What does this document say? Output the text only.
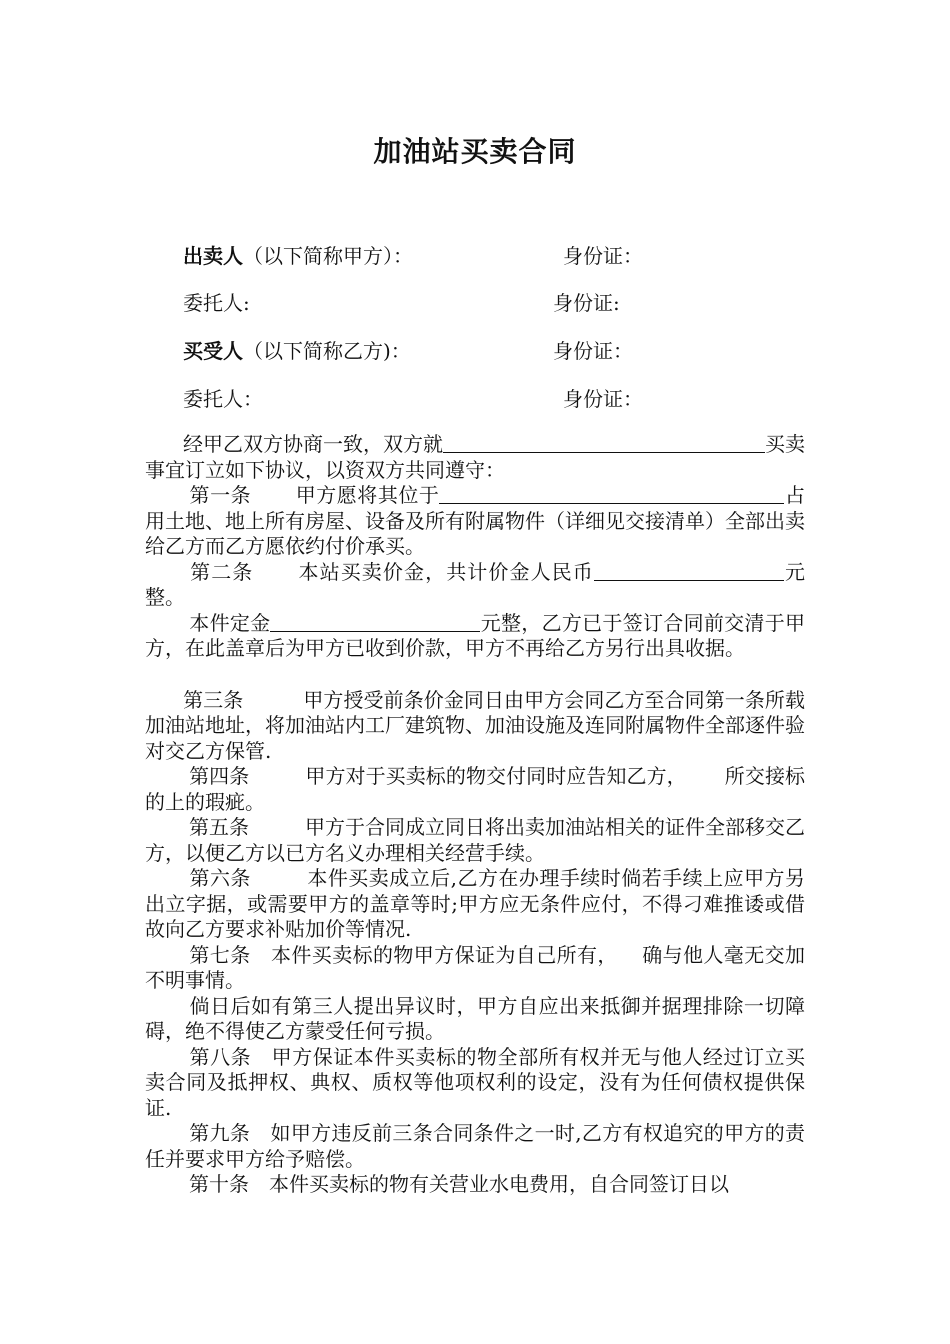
加油站买卖合同
出卖人（以下简称甲方）：	身份证：
委托人:	身份证:
买受人（以下简称乙方)：	身份证：
委托人：	身份证：

经甲乙双方协商一致，双方就	买卖事宜订立如下协议，以资双方共同遵守：

第一条 甲方愿将其位于	占用土地、地上所有房屋、设备及所有附属物件（详细见交接清单）全部出卖给乙方而乙方愿依约付价承买。

第二条 本站买卖价金，共计价金人民币	元整。

本件定金	元整，乙方已于签订合同前交清于甲方，在此盖章后为甲方已收到价款，甲方不再给乙方另行出具收据。

第三条	甲方授受前条价金同日由甲方会同乙方至合同第一条所载加油站地址，将加油站内工厂建筑物、加油设施及连同附属物件全部逐件验对交乙方保管.

第四条	甲方对于买卖标的物交付同时应告知乙方， 所交接标的上的瑕疵。

第五条	甲方于合同成立同日将出卖加油站相关的证件全部移交乙方，以便乙方以已方名义办理相关经营手续。

第六条	本件买卖成立后,乙方在办理手续时倘若手续上应甲方另出立字据，或需要甲方的盖章等时;甲方应无条件应付，不得刁难推诿或借故向乙方要求补贴加价等情况.

第七条 本件买卖标的物甲方保证为自己所有， 确与他人毫无交加不明事情。

倘日后如有第三人提出异议时，甲方自应出来抵御并据理排除一切障碍，绝不得使乙方蒙受任何亏损。

第八条 甲方保证本件买卖标的物全部所有权并无与他人经过订立买卖合同及抵押权、典权、质权等他项权利的设定，没有为任何债权提供保证.

第九条 如甲方违反前三条合同条件之一时,乙方有权追究的甲方的责任并要求甲方给予赔偿。

第十条 本件买卖标的物有关营业水电费用，自合同签订日以
